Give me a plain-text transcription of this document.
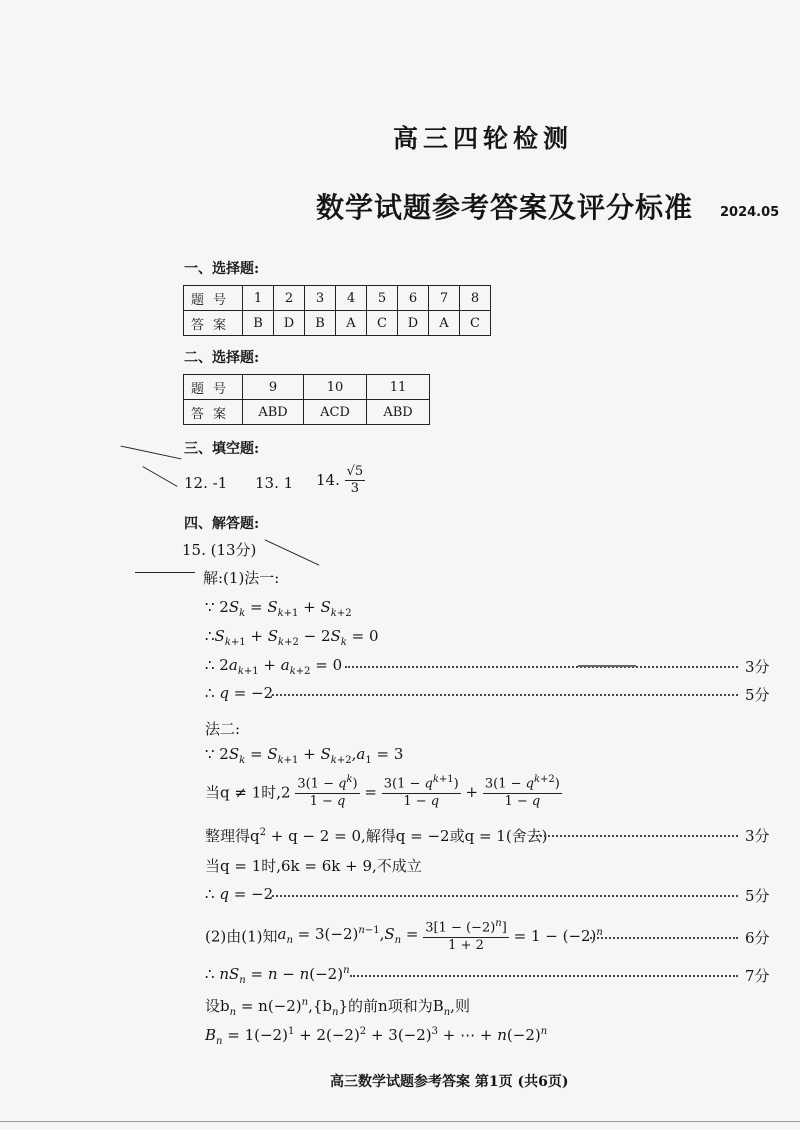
高三四轮检测
数学试题参考答案及评分标准 2024.05
一、选择题:
题号	1	2	3	4	5	6	7	8
答案	B	D	B	A	C	D	A	C
二、选择题:
题号	9	10	11
答案	ABD	ACD	ABD
三、填空题:
12. -1 13. 1 14. $\frac{√5}{3}$
四、解答题:
15. (13分)
解:(1)法一:
∵ $2S_k = S_{k+1} + S_{k+2}$
$\therefore S_{k+1} + S_{k+2} - 2S_k = 0$
∴ $2a_{k+1} + a_{k+2} = 0$	3分
∴ q = −2	5分
法二:
∵ $2S_k = S_{k+1} + S_{k+2},a_1 = 3$
当q ≠ 1时$,2 \frac{3(1 - q^k)}{1 - q} = \frac{3(1 - q^{k+1})}{1 - q} + \frac{3(1 - q^{k+2})}{1 - q}$
整理得$q^2 + q - 2 = 0$,解得q = −2或q = 1(舍去)	3分
当q = 1时,6k = 6k + 9,不成立
∴ q = −2	5分
(2)由(1)知$a_n = 3(-2)^{n-1},S_n = \frac{3[1 - (-2)^n]}{1 + 2} = 1 - (-2)^n$	6分
∴ $nS_n = n - n(-2)^n$	7分
设$b_n = n(-2)^n,\{b_n\}$的前n项和为$B_n$,则
$B_n = 1(-2)^1 + 2(-2)^2 + 3(-2)^3$ + ⋯ + $n(-2)^n$
高三数学试题参考答案 第1页 (共6页)
